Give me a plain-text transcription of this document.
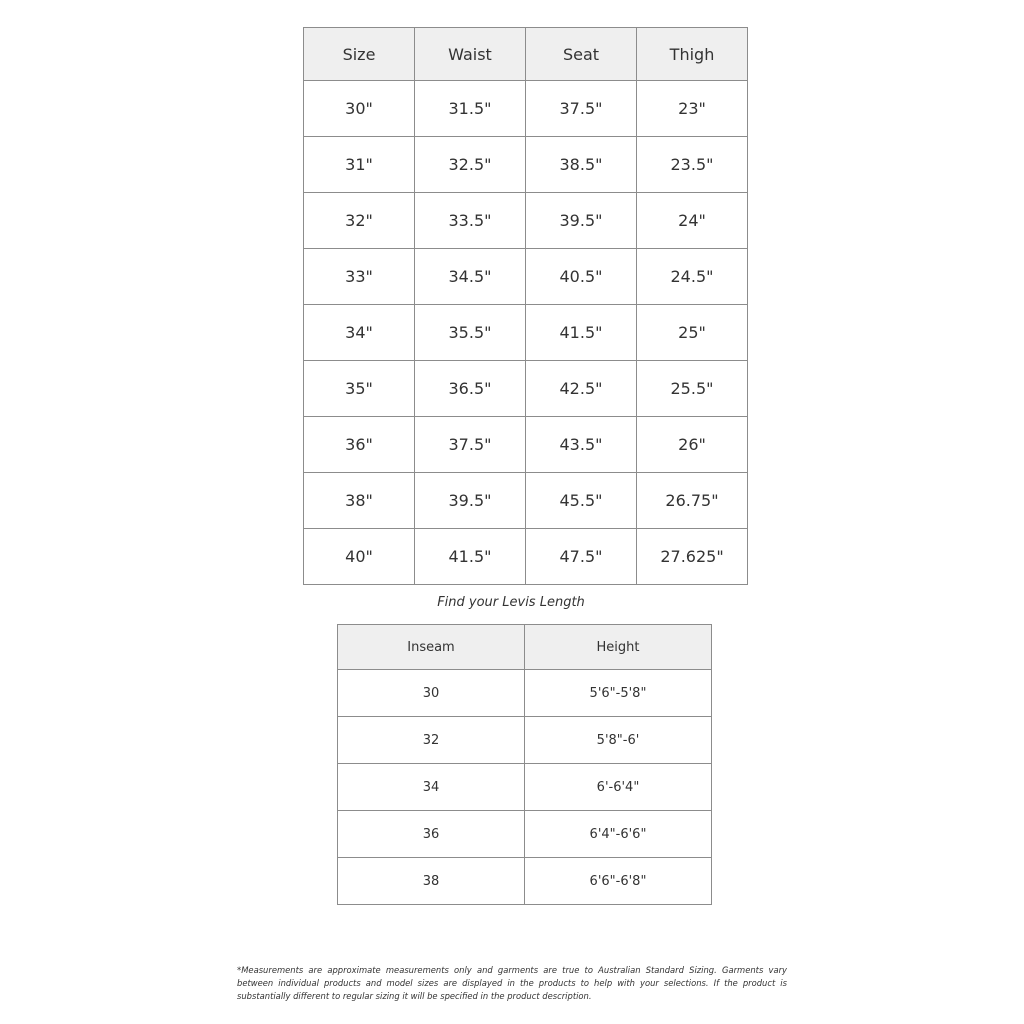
Size	Waist	Seat	Thigh
30"	31.5"	37.5"	23"
31"	32.5"	38.5"	23.5"
32"	33.5"	39.5"	24"
33"	34.5"	40.5"	24.5"
34"	35.5"	41.5"	25"
35"	36.5"	42.5"	25.5"
36"	37.5"	43.5"	26"
38"	39.5"	45.5"	26.75"
40"	41.5"	47.5"	27.625"

Find your Levis Length

Inseam	Height
30	5'6"-5'8"
32	5'8"-6'
34	6'-6'4"
36	6'4"-6'6"
38	6'6"-6'8"

*Measurements are approximate measurements only and garments are true to Australian Standard Sizing. Garments vary between individual products and model sizes are displayed in the products to help with your selections. If the product is substantially different to regular sizing it will be specified in the product description.
